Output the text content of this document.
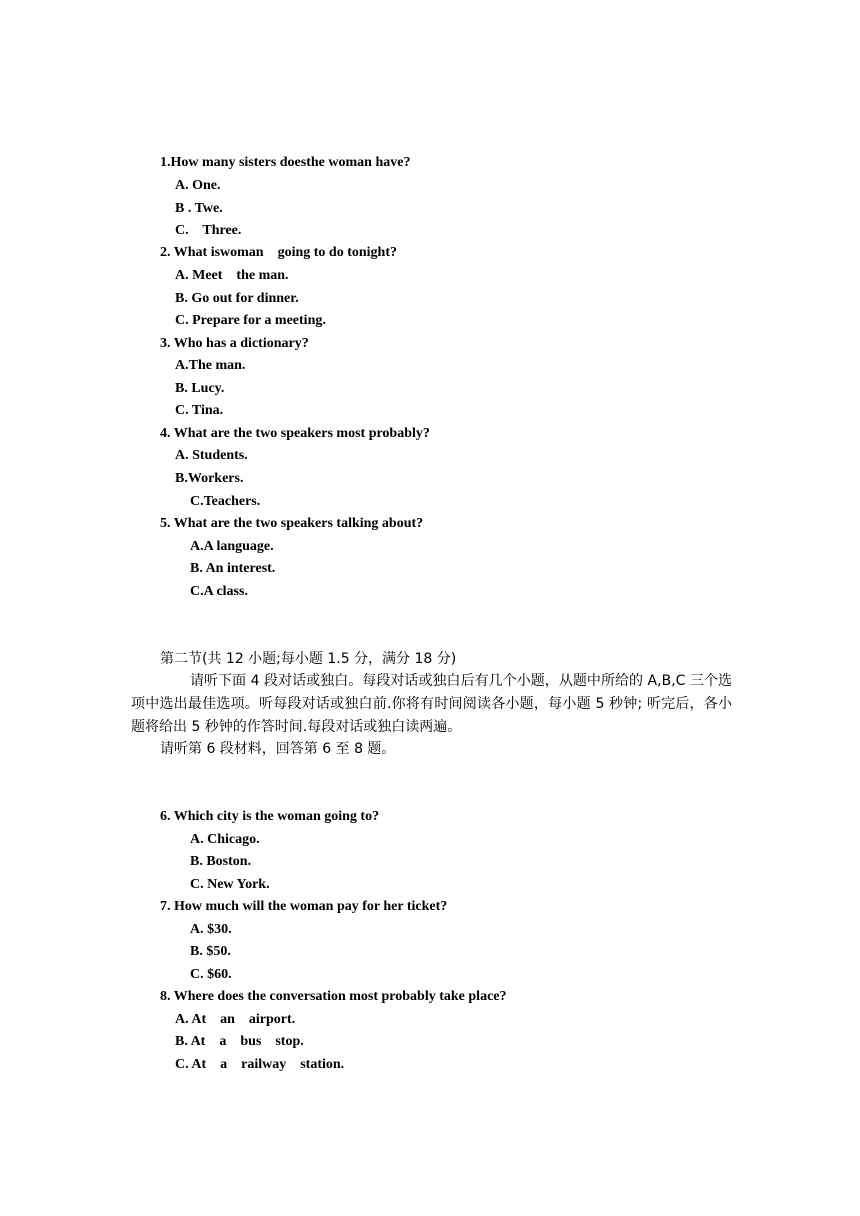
1.How many sisters doesthe woman have?
A. One.
B . Twe.
C.    Three.
2. What iswoman    going to do tonight?
A. Meet    the man.
B. Go out for dinner.
C. Prepare for a meeting.
3. Who has a dictionary?
A.The man.
B. Lucy.
C. Tina.
4. What are the two speakers most probably?
A. Students.
B.Workers.
C.Teachers.
5. What are the two speakers talking about?
A.A language.
B. An interest.
C.A class.
第二节(共 12 小题;每小题 1.5 分，满分 18 分)
请听下面 4 段对话或独白。每段对话或独白后有几个小题，从题中所给的 A,B,C 三个选项中选出最佳选项。听每段对话或独白前.你将有时间阅读各小题，每小题 5 秒钟; 听完后，各小题将给出 5 秒钟的作答时间.每段对话或独白读两遍。
请听第 6 段材料，回答第 6 至 8 题。
6. Which city is the woman going to?
A. Chicago.
B. Boston.
C. New York.
7. How much will the woman pay for her ticket?
A. $30.
B. $50.
C. $60.
8. Where does the conversation most probably take place?
A. At    an    airport.
B. At    a    bus    stop.
C. At    a    railway    station.
